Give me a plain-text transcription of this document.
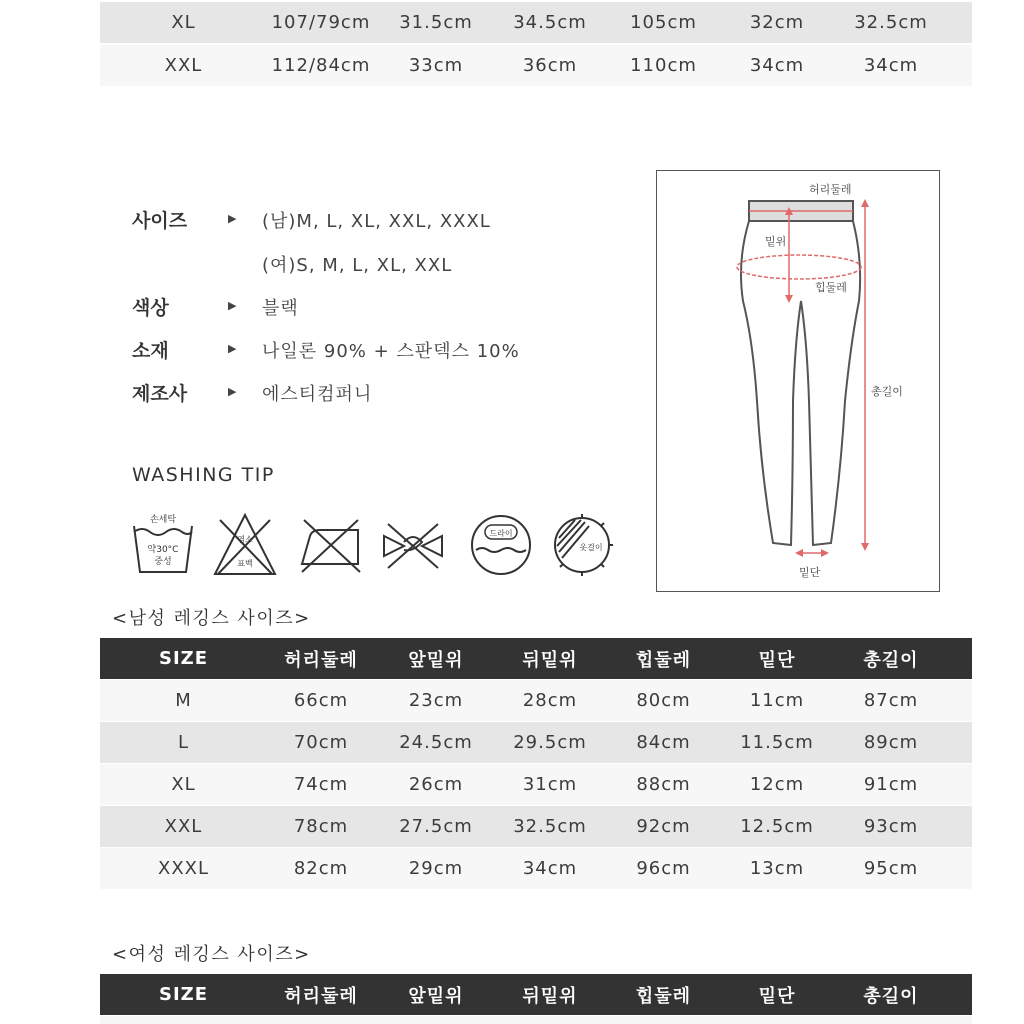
XL	107/79cm	31.5cm	34.5cm	105cm	32cm	32.5cm
XXL	112/84cm	33cm	36cm	110cm	34cm	34cm
사이즈	▶ (남)M, L, XL, XXL, XXXL
(여)S, M, L, XL, XXL
색상	▶ 블랙
소재	▶ 나일론 90% + 스판덱스 10%
제조사	▶ 에스티컴퍼니
WASHING TIP
손세탁
약30°C
중성
염소
표백
드라이
옷걸이
허리둘레
밑위
힙둘레
총길이
밑단
<남성 레깅스 사이즈>
SIZE	허리둘레	앞밑위	뒤밑위	힙둘레	밑단	총길이
M	66cm	23cm	28cm	80cm	11cm	87cm
L	70cm	24.5cm	29.5cm	84cm	11.5cm	89cm
XL	74cm	26cm	31cm	88cm	12cm	91cm
XXL	78cm	27.5cm	32.5cm	92cm	12.5cm	93cm
XXXL	82cm	29cm	34cm	96cm	13cm	95cm
<여성 레깅스 사이즈>
SIZE	허리둘레	앞밑위	뒤밑위	힙둘레	밑단	총길이
